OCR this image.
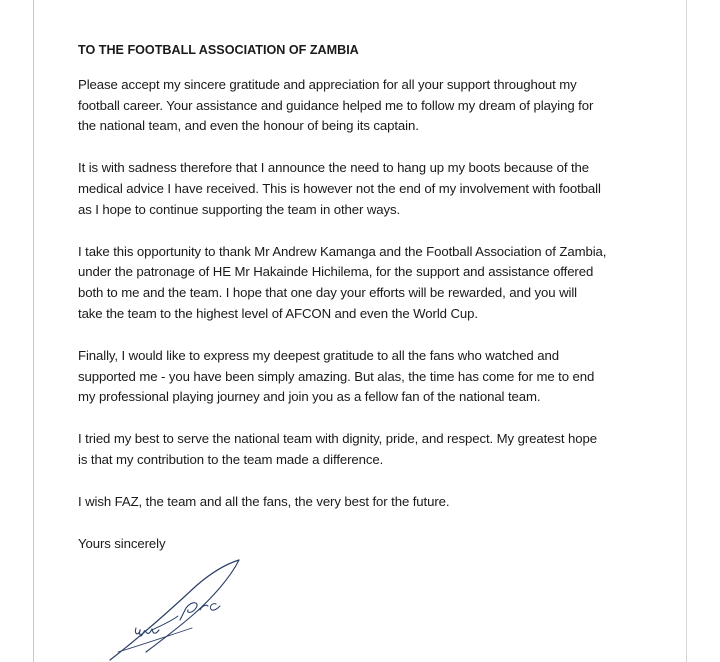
TO THE FOOTBALL ASSOCIATION OF ZAMBIA
Please accept my sincere gratitude and appreciation for all your support throughout my
football career. Your assistance and guidance helped me to follow my dream of playing for
the national team, and even the honour of being its captain.
It is with sadness therefore that I announce the need to hang up my boots because of the
medical advice I have received. This is however not the end of my involvement with football
as I hope to continue supporting the team in other ways.
I take this opportunity to thank Mr Andrew Kamanga and the Football Association of Zambia,
under the patronage of HE Mr Hakainde Hichilema, for the support and assistance offered
both to me and the team. I hope that one day your efforts will be rewarded, and you will
take the team to the highest level of AFCON and even the World Cup.
Finally, I would like to express my deepest gratitude to all the fans who watched and
supported me - you have been simply amazing. But alas, the time has come for me to end
my professional playing journey and join you as a fellow fan of the national team.
I tried my best to serve the national team with dignity, pride, and respect. My greatest hope
is that my contribution to the team made a difference.
I wish FAZ, the team and all the fans, the very best for the future.
Yours sincerely
